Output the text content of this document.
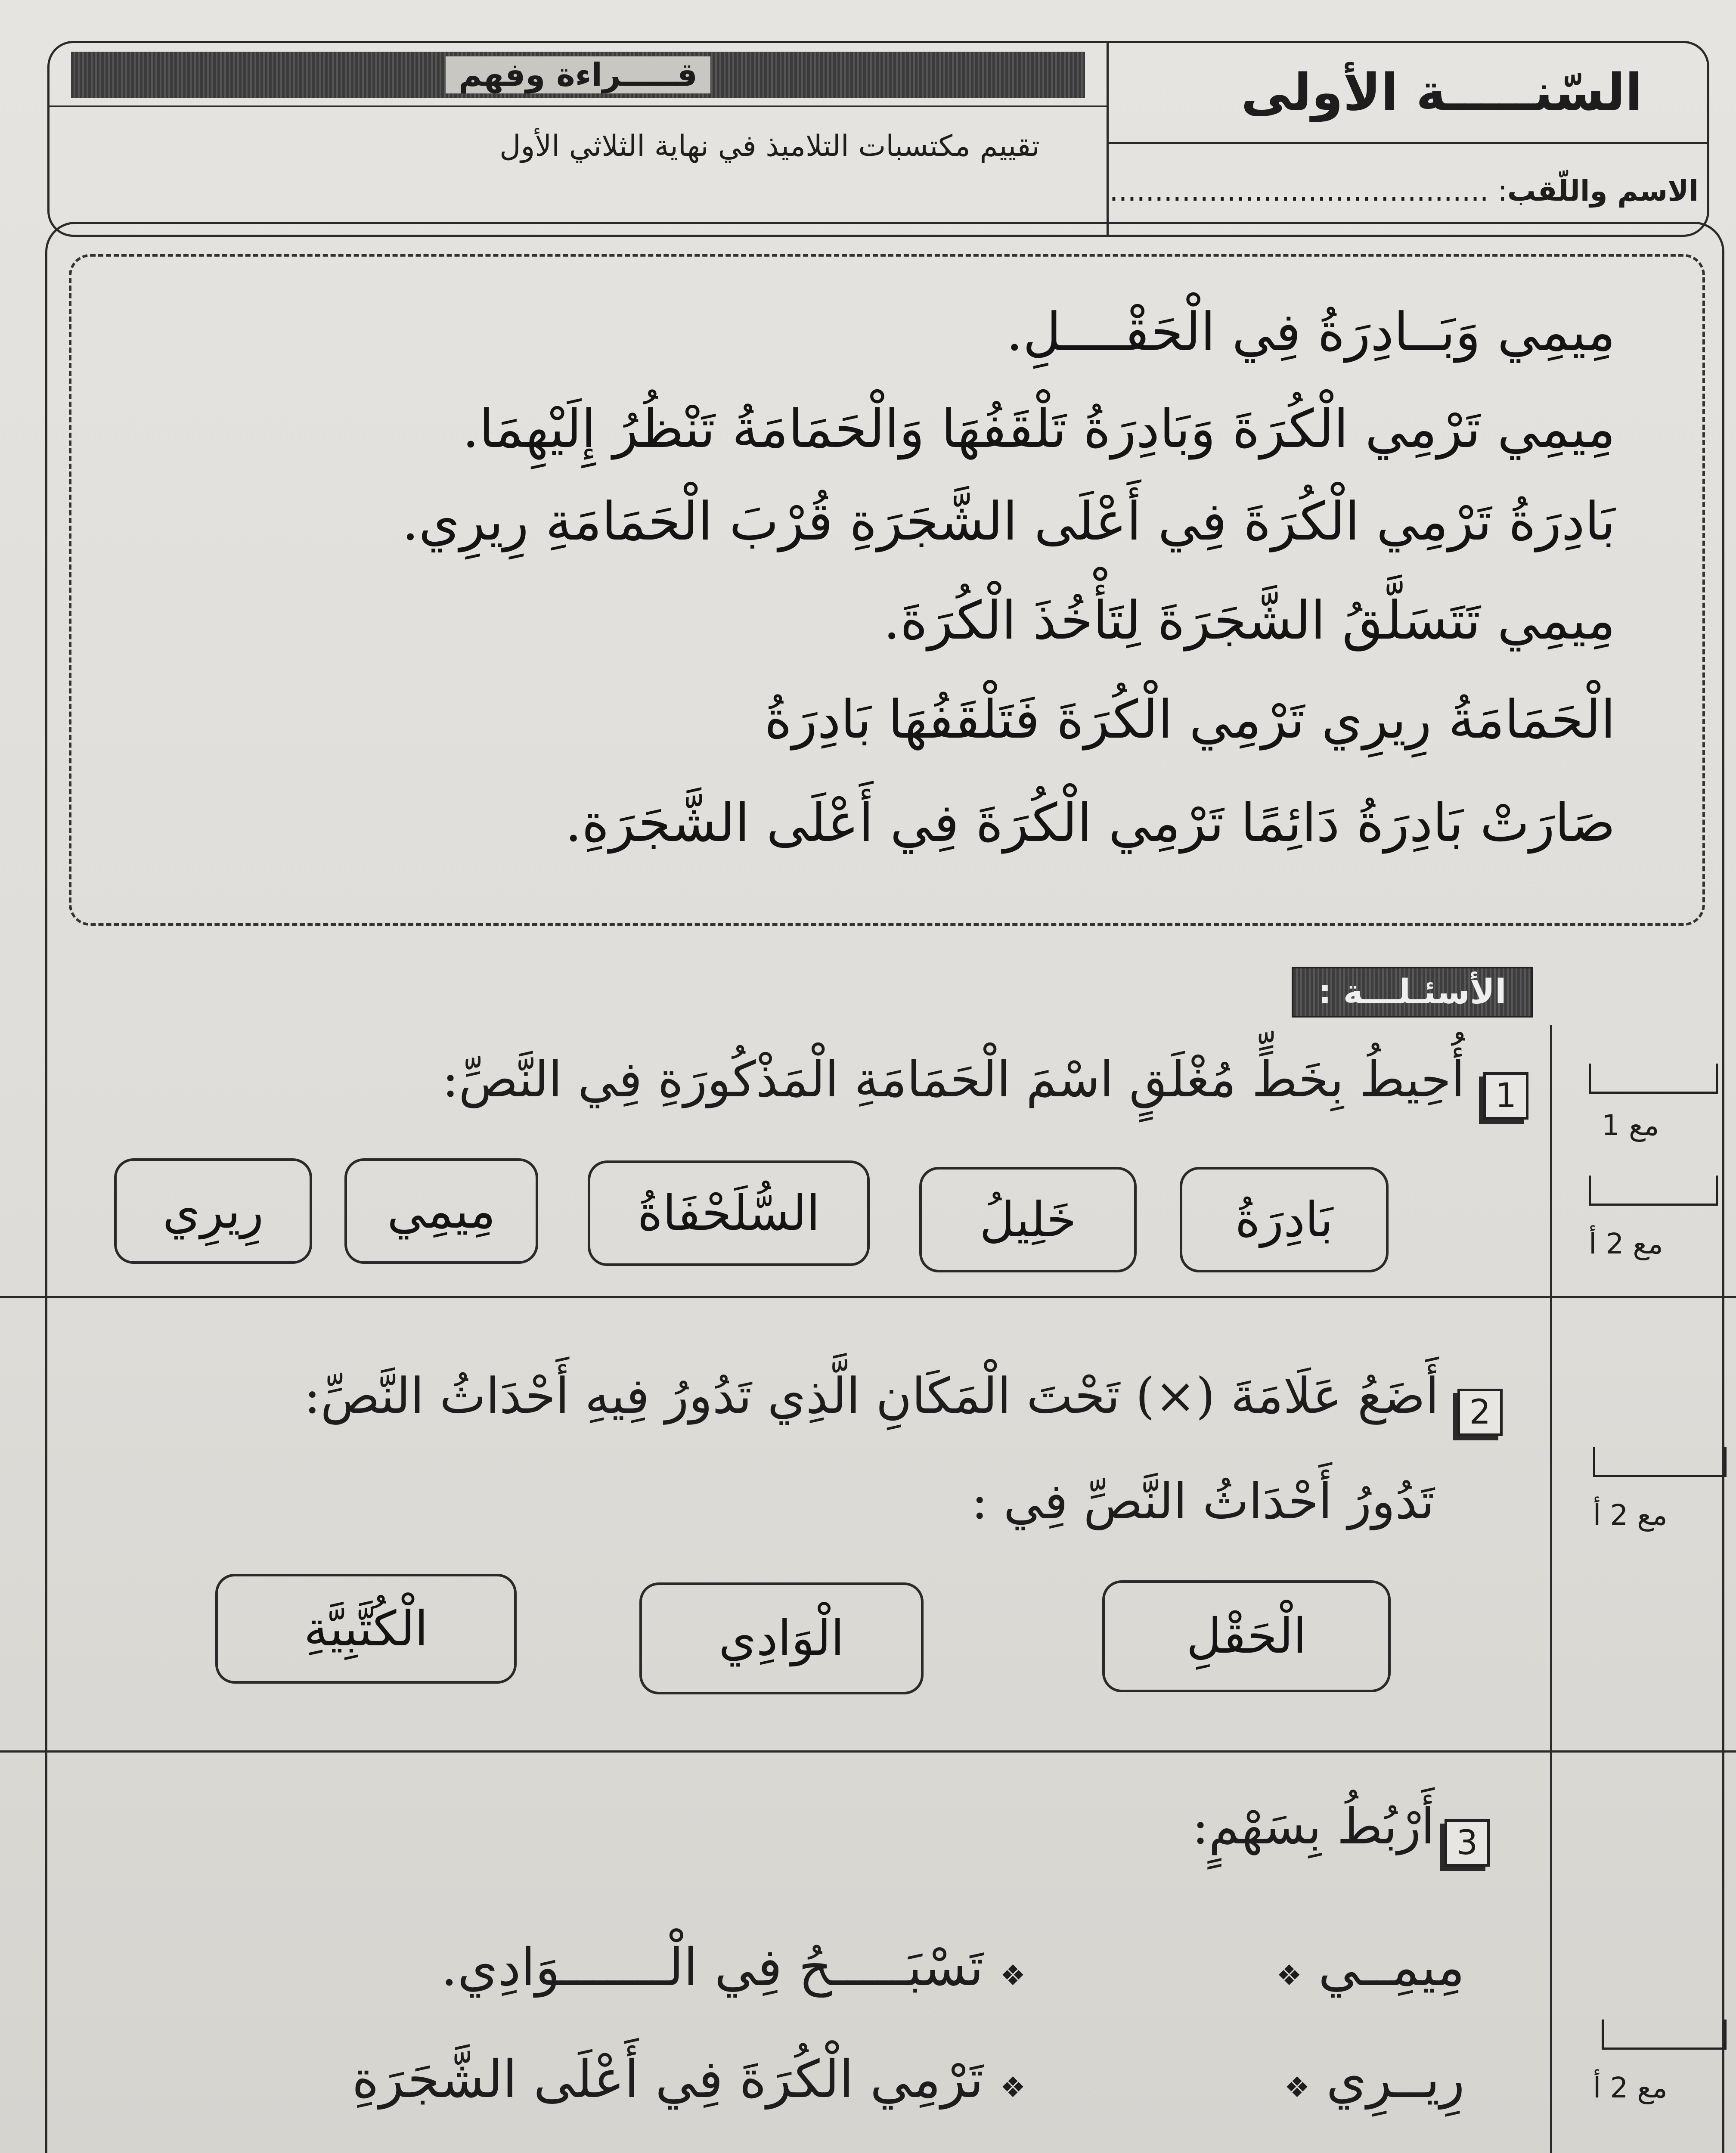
قـــــراءة وفهم
تقييم مكتسبات التلاميذ في نهاية الثلاثي الأول
السّنـــــة الأولى
الاسم واللّقب: ..........................................
مِيمِي وَبَــادِرَةُ فِي الْحَقْــــلِ.
مِيمِي تَرْمِي الْكُرَةَ وَبَادِرَةُ تَلْقَفُهَا وَالْحَمَامَةُ تَنْظُرُ إِلَيْهِمَا.
بَادِرَةُ تَرْمِي الْكُرَةَ فِي أَعْلَى الشَّجَرَةِ قُرْبَ الْحَمَامَةِ رِيرِي.
مِيمِي تَتَسَلَّقُ الشَّجَرَةَ لِتَأْخُذَ الْكُرَةَ.
الْحَمَامَةُ رِيرِي تَرْمِي الْكُرَةَ فَتَلْقَفُهَا بَادِرَةُ
صَارَتْ بَادِرَةُ دَائِمًا تَرْمِي الْكُرَةَ فِي أَعْلَى الشَّجَرَةِ.
الأسئـلـــة :
1
أُحِيطُ بِخَطٍّ مُغْلَقٍ اسْمَ الْحَمَامَةِ الْمَذْكُورَةِ فِي النَّصِّ:
بَادِرَةُ
خَلِيلُ
السُّلَحْفَاةُ
مِيمِي
رِيرِي
مع 1
مع 2 أ
2
أَضَعُ عَلَامَةَ (×) تَحْتَ الْمَكَانِ الَّذِي تَدُورُ فِيهِ أَحْدَاثُ النَّصِّ:
تَدُورُ أَحْدَاثُ النَّصِّ فِي :
الْحَقْلِ
الْوَادِي
الْكُتَّبِيَّةِ
مع 2 أ
3
أَرْبُطُ بِسَهْمٍ:
مِيمِــي ❖
رِيــرِي ❖
❖ تَسْبَـــــحُ فِي الْـــــــوَادِي.
❖ تَرْمِي الْكُرَةَ فِي أَعْلَى الشَّجَرَةِ	مع 2 أ
